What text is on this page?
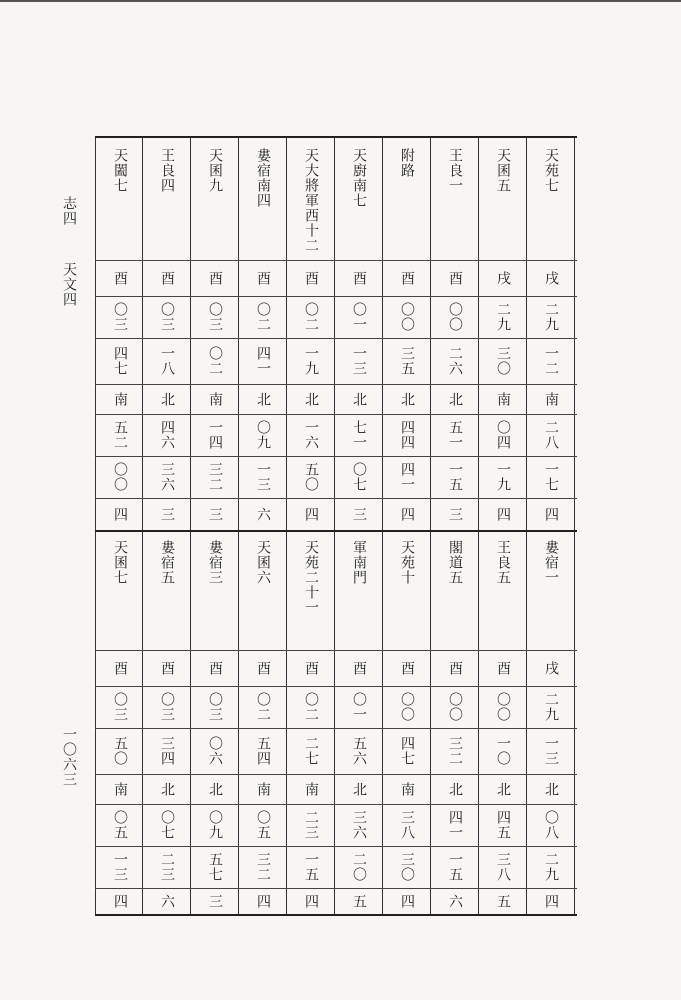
志四
天文四
一〇六三
天苑七
戌
二九
一二
南
二八
一七
四
婁宿一
戌
二九
一三
北
〇八
二九
四
天囷五
戌
二九
三〇
南
〇四
一九
四
王良五
酉
〇〇
一〇
北
四五
三八
五
王良一
酉
〇〇
二六
北
五一
一五
三
閣道五
酉
〇〇
三二
北
四一
一五
六
附路
酉
〇〇
三五
北
四四
四一
四
天苑十
酉
〇〇
四七
南
三八
三〇
四
天廚南七
酉
〇一
一三
北
七一
〇七
三
軍南門
酉
〇一
五六
北
三六
二〇
五
天大將軍西十二
酉
〇二
一九
北
一六
五〇
四
天苑二十一
酉
〇二
二七
南
二三
一五
四
婁宿南四
酉
〇二
四一
北
〇九
一三
六
天囷六
酉
〇二
五四
南
〇五
三二
四
天囷九
酉
〇三
〇二
南
一四
三二
三
婁宿三
酉
〇三
〇六
北
〇九
五七
三
王良四
酉
〇三
一八
北
四六
三六
三
婁宿五
酉
〇三
三四
北
〇七
二三
六
天闔七
酉
〇三
四七
南
五二
〇〇
四
天囷七
酉
〇三
五〇
南
〇五
一三
四
